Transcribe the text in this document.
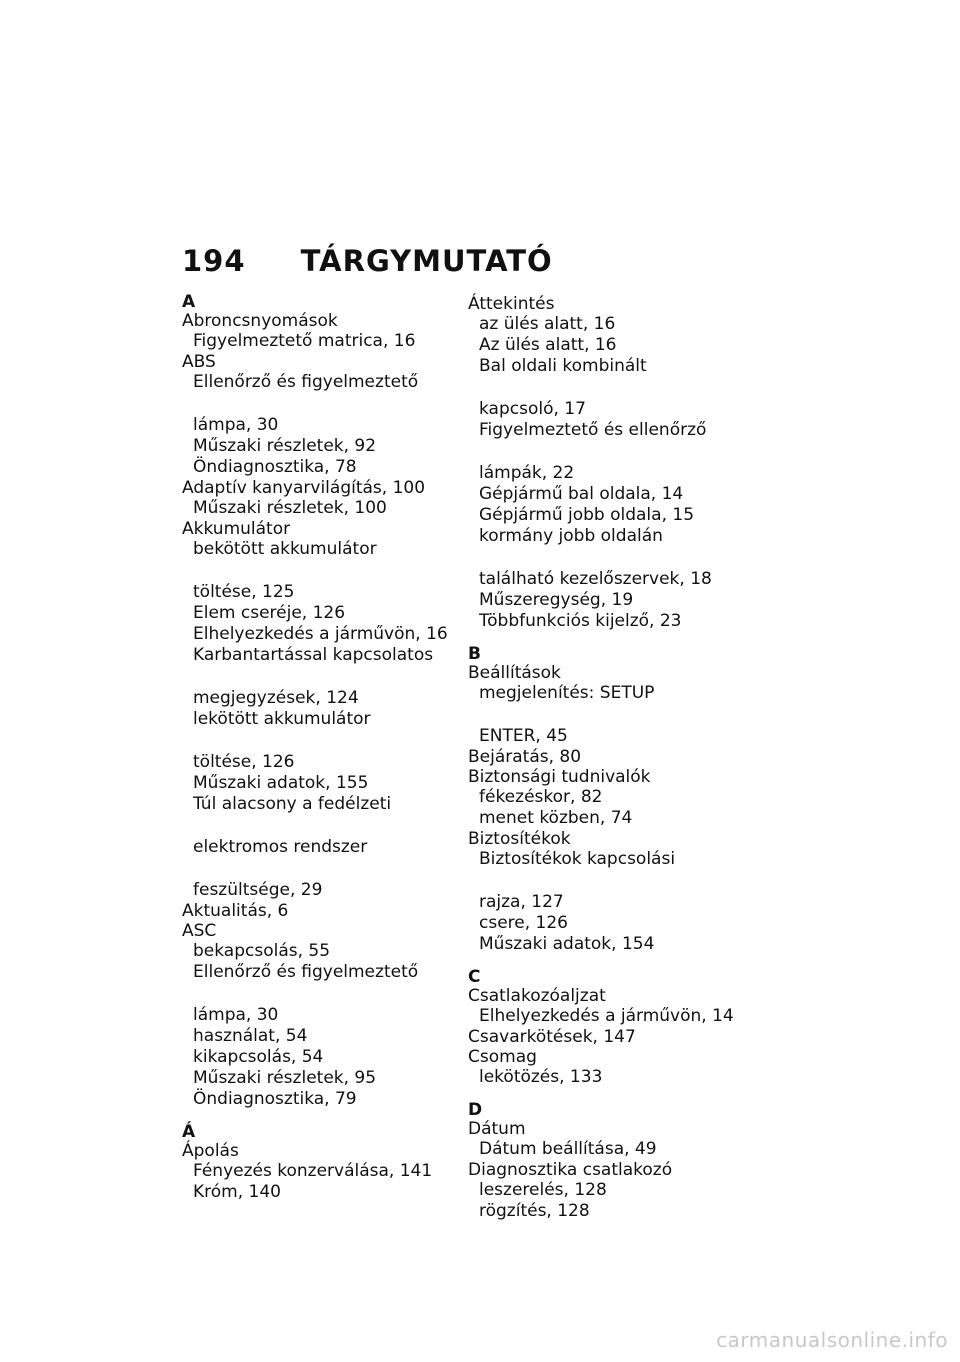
194 TÁRGYMUTATÓ
A
Abroncsnyomások
Figyelmeztető matrica, 16
ABS
Ellenőrző és figyelmeztető
lámpa, 30
Műszaki részletek, 92
Öndiagnosztika, 78
Adaptív kanyarvilágítás, 100
Műszaki részletek, 100
Akkumulátor
bekötött akkumulátor
töltése, 125
Elem cseréje, 126
Elhelyezkedés a járművön, 16
Karbantartással kapcsolatos
megjegyzések, 124
lekötött akkumulátor
töltése, 126
Műszaki adatok, 155
Túl alacsony a fedélzeti
elektromos rendszer
feszültsége, 29
Aktualitás, 6
ASC
bekapcsolás, 55
Ellenőrző és figyelmeztető
lámpa, 30
használat, 54
kikapcsolás, 54
Műszaki részletek, 95
Öndiagnosztika, 79
Á
Ápolás
Fényezés konzerválása, 141
Króm, 140
Áttekintés
az ülés alatt, 16
Az ülés alatt, 16
Bal oldali kombinált
kapcsoló, 17
Figyelmeztető és ellenőrző
lámpák, 22
Gépjármű bal oldala, 14
Gépjármű jobb oldala, 15
kormány jobb oldalán
található kezelőszervek, 18
Műszeregység, 19
Többfunkciós kijelző, 23
B
Beállítások
megjelenítés: SETUP
ENTER, 45
Bejáratás, 80
Biztonsági tudnivalók
fékezéskor, 82
menet közben, 74
Biztosítékok
Biztosítékok kapcsolási
rajza, 127
csere, 126
Műszaki adatok, 154
C
Csatlakozóaljzat
Elhelyezkedés a járművön, 14
Csavarkötések, 147
Csomag
lekötözés, 133
D
Dátum
Dátum beállítása, 49
Diagnosztika csatlakozó
leszerelés, 128
rögzítés, 128
carmanualsonline.info
